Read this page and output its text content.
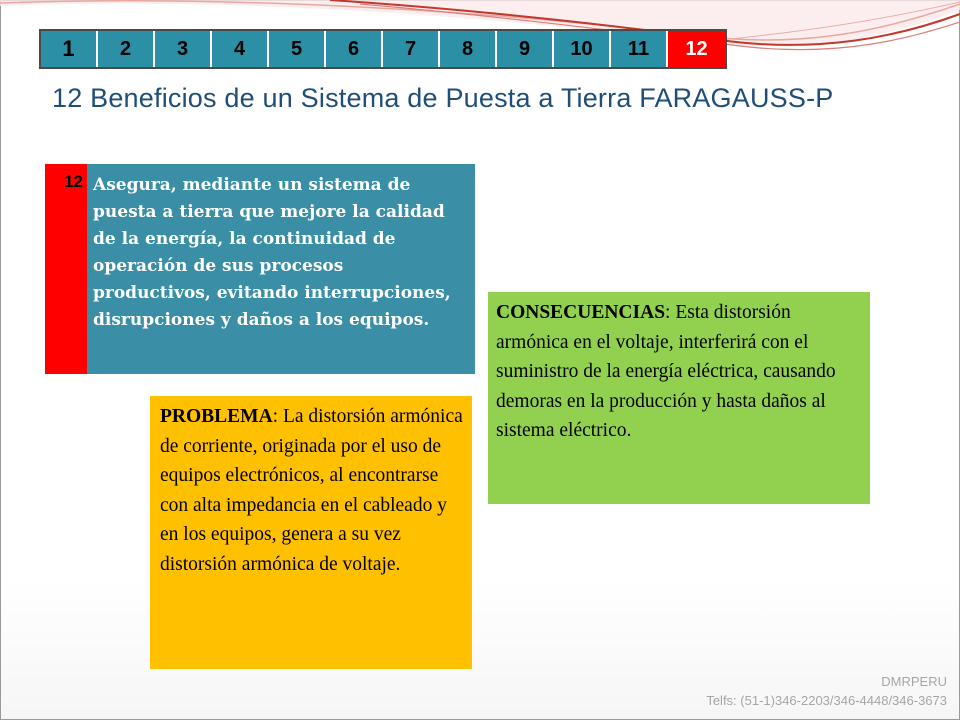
1	2	3	4	5	6	7	8	9	10	11	12
12 Beneficios de un Sistema de Puesta a Tierra FARAGAUSS-P
12 Asegura, mediante un sistema de puesta a tierra que mejore la calidad de la energía, la continuidad de operación de sus procesos productivos, evitando interrupciones, disrupciones y daños a los equipos.
PROBLEMA: La distorsión armónica de corriente, originada por el uso de equipos electrónicos, al encontrarse con alta impedancia en el cableado y en los equipos, genera a su vez distorsión armónica de voltaje.
CONSECUENCIAS: Esta distorsión armónica en el voltaje, interferirá con el suministro de la energía eléctrica, causando demoras en la producción y hasta daños al sistema eléctrico.
DMRPERU
Telfs: (51-1)346-2203/346-4448/346-3673
